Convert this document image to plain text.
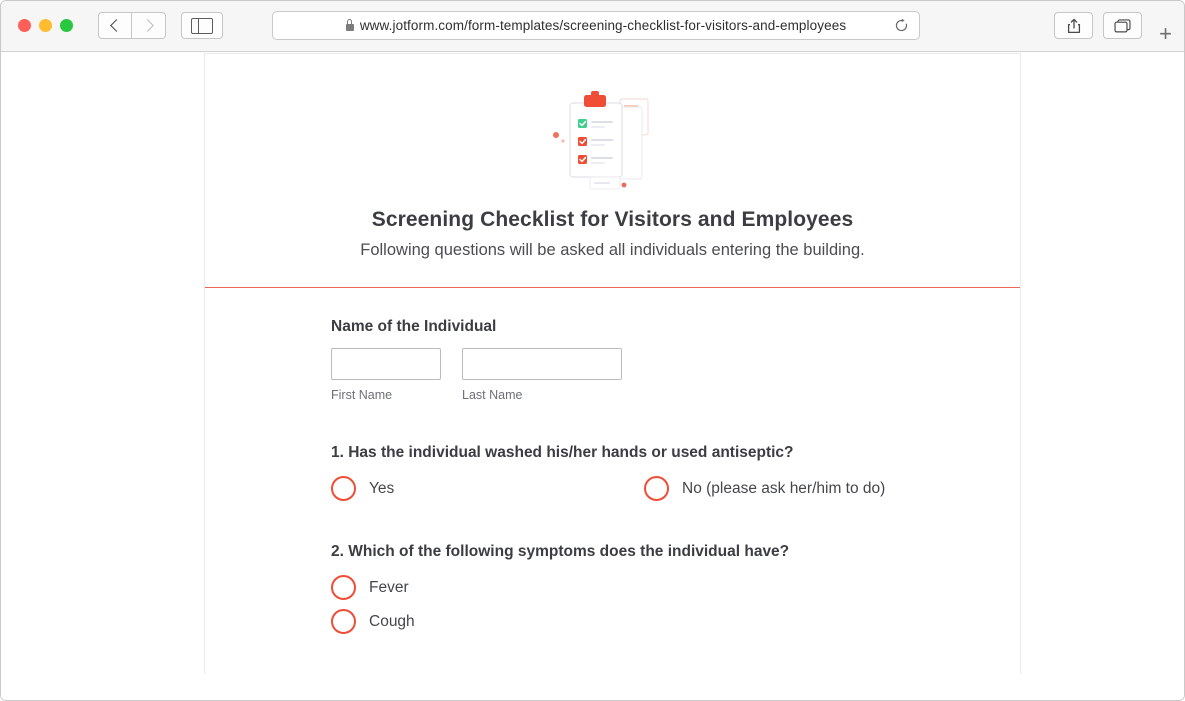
www.jotform.com/form-templates/screening-checklist-for-visitors-and-employees	+
Screening Checklist for Visitors and Employees
Following questions will be asked all individuals entering the building.
Name of the Individual
First Name	Last Name
1. Has the individual washed his/her hands or used antiseptic?
Yes	No (please ask her/him to do)
2. Which of the following symptoms does the individual have?
Fever
Cough
